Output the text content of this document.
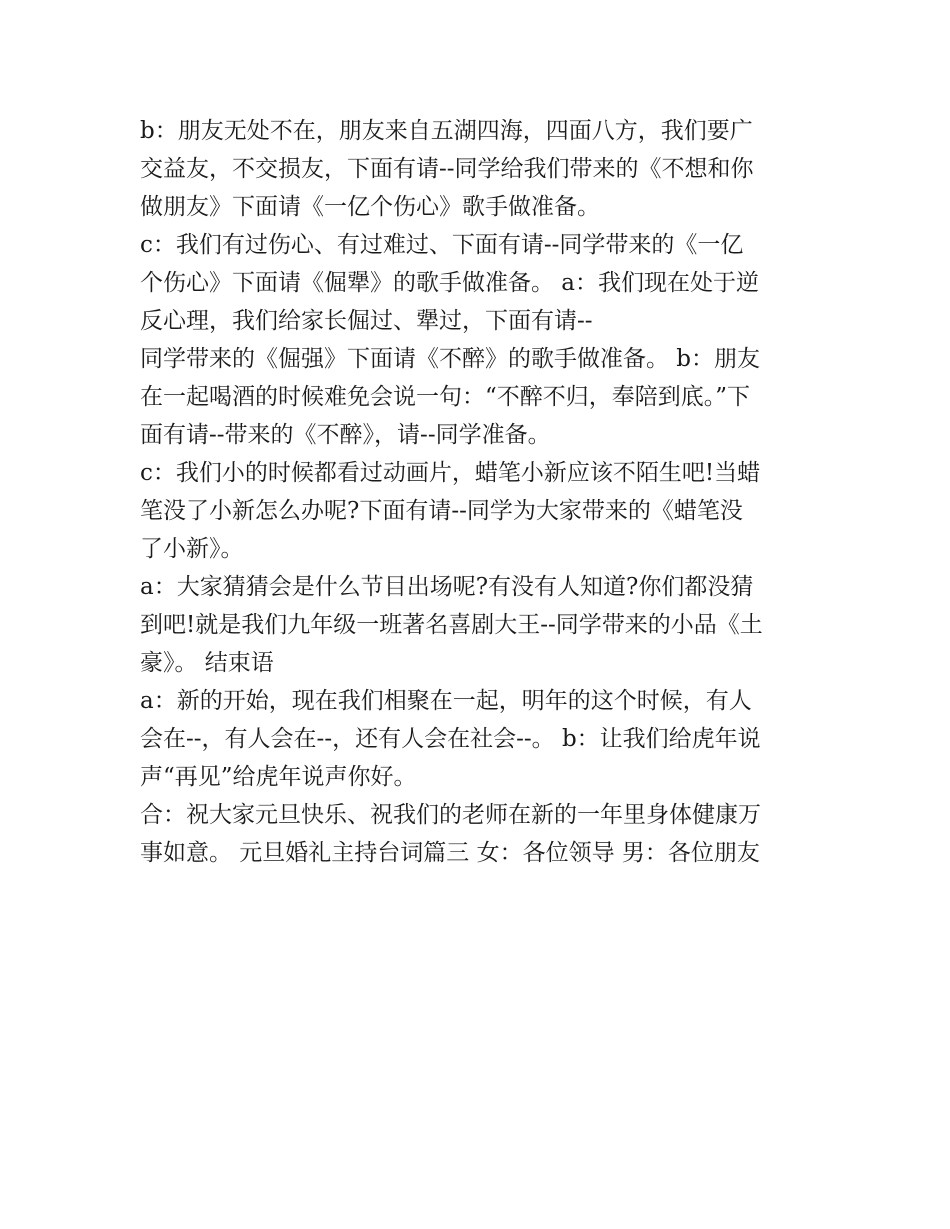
b：朋友无处不在，朋友来自五湖四海，四面八方，我们要广
交益友，不交损友，下面有请--同学给我们带来的《不想和你
做朋友》下面请《一亿个伤心》歌手做准备。
c：我们有过伤心、有过难过、下面有请--同学带来的《一亿
个伤心》下面请《倔犟》的歌手做准备。 a：我们现在处于逆
反心理，我们给家长倔过、犟过，下面有请--
同学带来的《倔强》下面请《不醉》的歌手做准备。 b：朋友
在一起喝酒的时候难免会说一句：“不醉不归，奉陪到底。”下
面有请--带来的《不醉》，请--同学准备。
c：我们小的时候都看过动画片，蜡笔小新应该不陌生吧!当蜡
笔没了小新怎么办呢?下面有请--同学为大家带来的《蜡笔没
了小新》。
a：大家猜猜会是什么节目出场呢?有没有人知道?你们都没猜
到吧!就是我们九年级一班著名喜剧大王--同学带来的小品《土
豪》。 结束语
a：新的开始，现在我们相聚在一起，明年的这个时候，有人
会在--，有人会在--，还有人会在社会--。 b：让我们给虎年说
声“再见”给虎年说声你好。
合：祝大家元旦快乐、祝我们的老师在新的一年里身体健康万
事如意。 元旦婚礼主持台词篇三 女：各位领导 男：各位朋友
